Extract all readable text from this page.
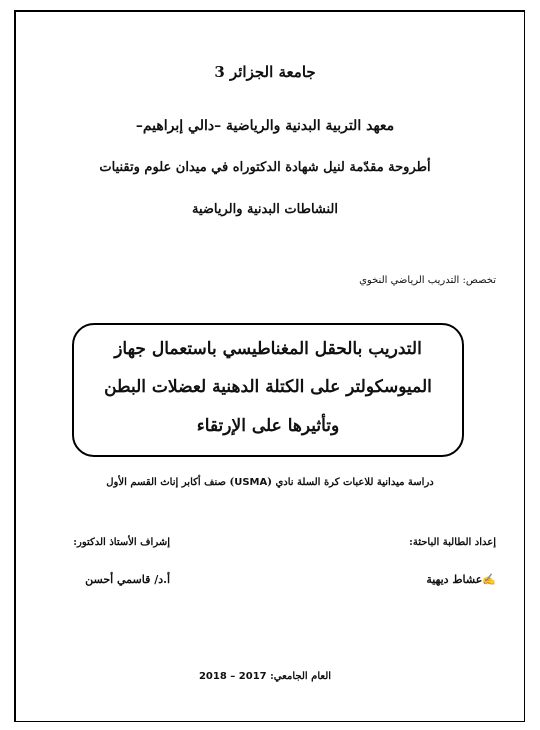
جامعة الجزائر 3
معهد التربية البدنية والرياضية –دالي إبراهيم–
أطروحة مقدّمة لنيل شهادة الدكتوراه في ميدان علوم وتقنيات
النشاطات البدنية والرياضية
تخصص: التدريب الرياضي النخوي
التدريب بالحقل المغناطيسي باستعمال جهاز
الميوسكولتر على الكتلة الدهنية لعضلات البطن
وتأثيرها على الإرتقاء
دراسة ميدانية للاعبات كرة السلة نادي (USMA) صنف أكابر إناث القسم الأول
إعداد الطالبة الباحثة:
إشراف الأستاذ الدكتور:
✍عشاط ديهية
أ.د/ قاسمي أحسن
العام الجامعي: 2017 – 2018
